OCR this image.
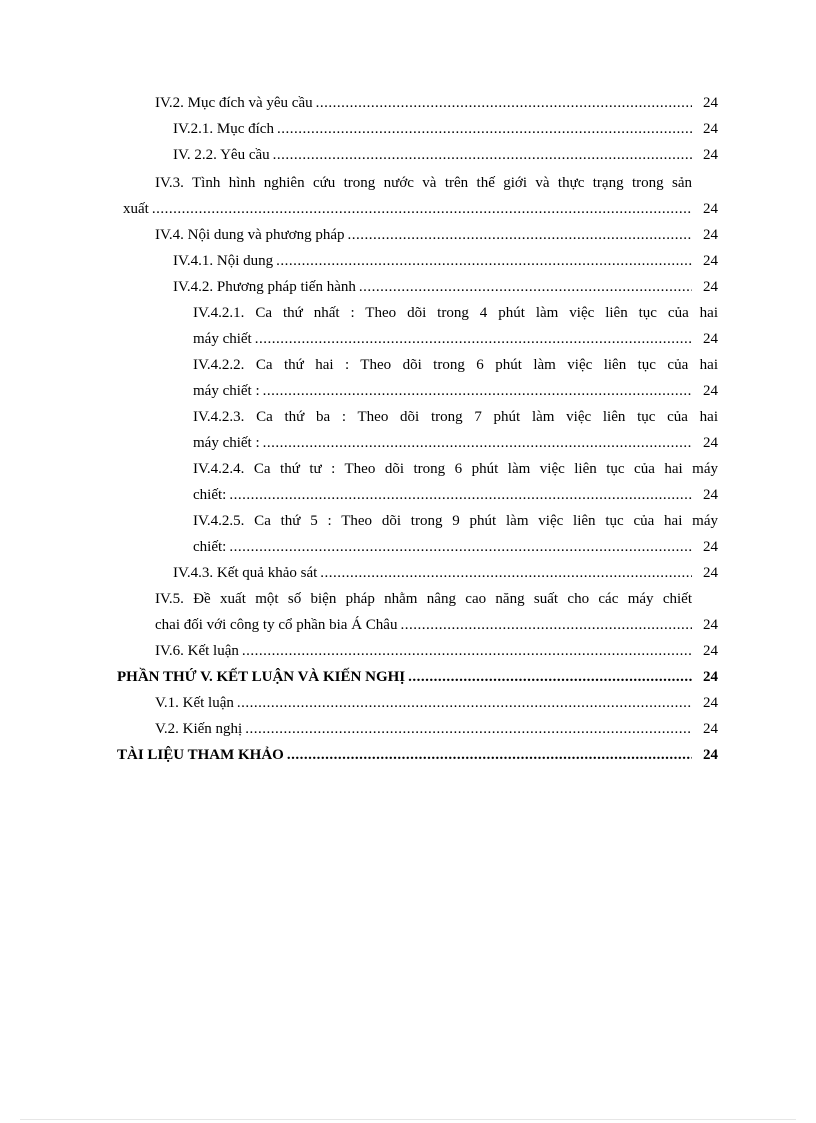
IV.2. Mục đích và yêu cầu .....	24
IV.2.1. Mục đích .....	24
IV. 2.2. Yêu cầu .....	24
IV.3. Tình hình nghiên cứu trong nước và trên thế giới và thực trạng trong sản
xuất .....	24
IV.4. Nội dung và phương pháp .....	24
IV.4.1. Nội dung .....	24
IV.4.2. Phương pháp tiến hành .....	24
IV.4.2.1. Ca thứ nhất : Theo dõi trong 4 phút làm việc liên tục của hai
máy chiết .....	24
IV.4.2.2. Ca thứ hai : Theo dõi trong 6 phút làm việc liên tục của hai
máy chiết : .....	24
IV.4.2.3. Ca thứ ba : Theo dõi trong 7 phút làm việc liên tục của hai
máy chiết : .....	24
IV.4.2.4. Ca thứ tư : Theo dõi trong 6 phút làm việc liên tục của hai máy
chiết: .....	24
IV.4.2.5. Ca thứ 5 : Theo dõi trong 9 phút làm việc liên tục của hai máy
chiết: .....	24
IV.4.3. Kết quả khảo sát .....	24
IV.5. Đề xuất một số biện pháp nhằm nâng cao năng suất cho các máy chiết
chai đối với công ty cổ phần bia Á Châu .....	24
IV.6. Kết luận .....	24
PHẦN THỨ V. KẾT LUẬN VÀ KIẾN NGHỊ .....	24
V.1. Kết luận .....	24
V.2. Kiến nghị .....	24
TÀI LIỆU THAM KHẢO .....	24
